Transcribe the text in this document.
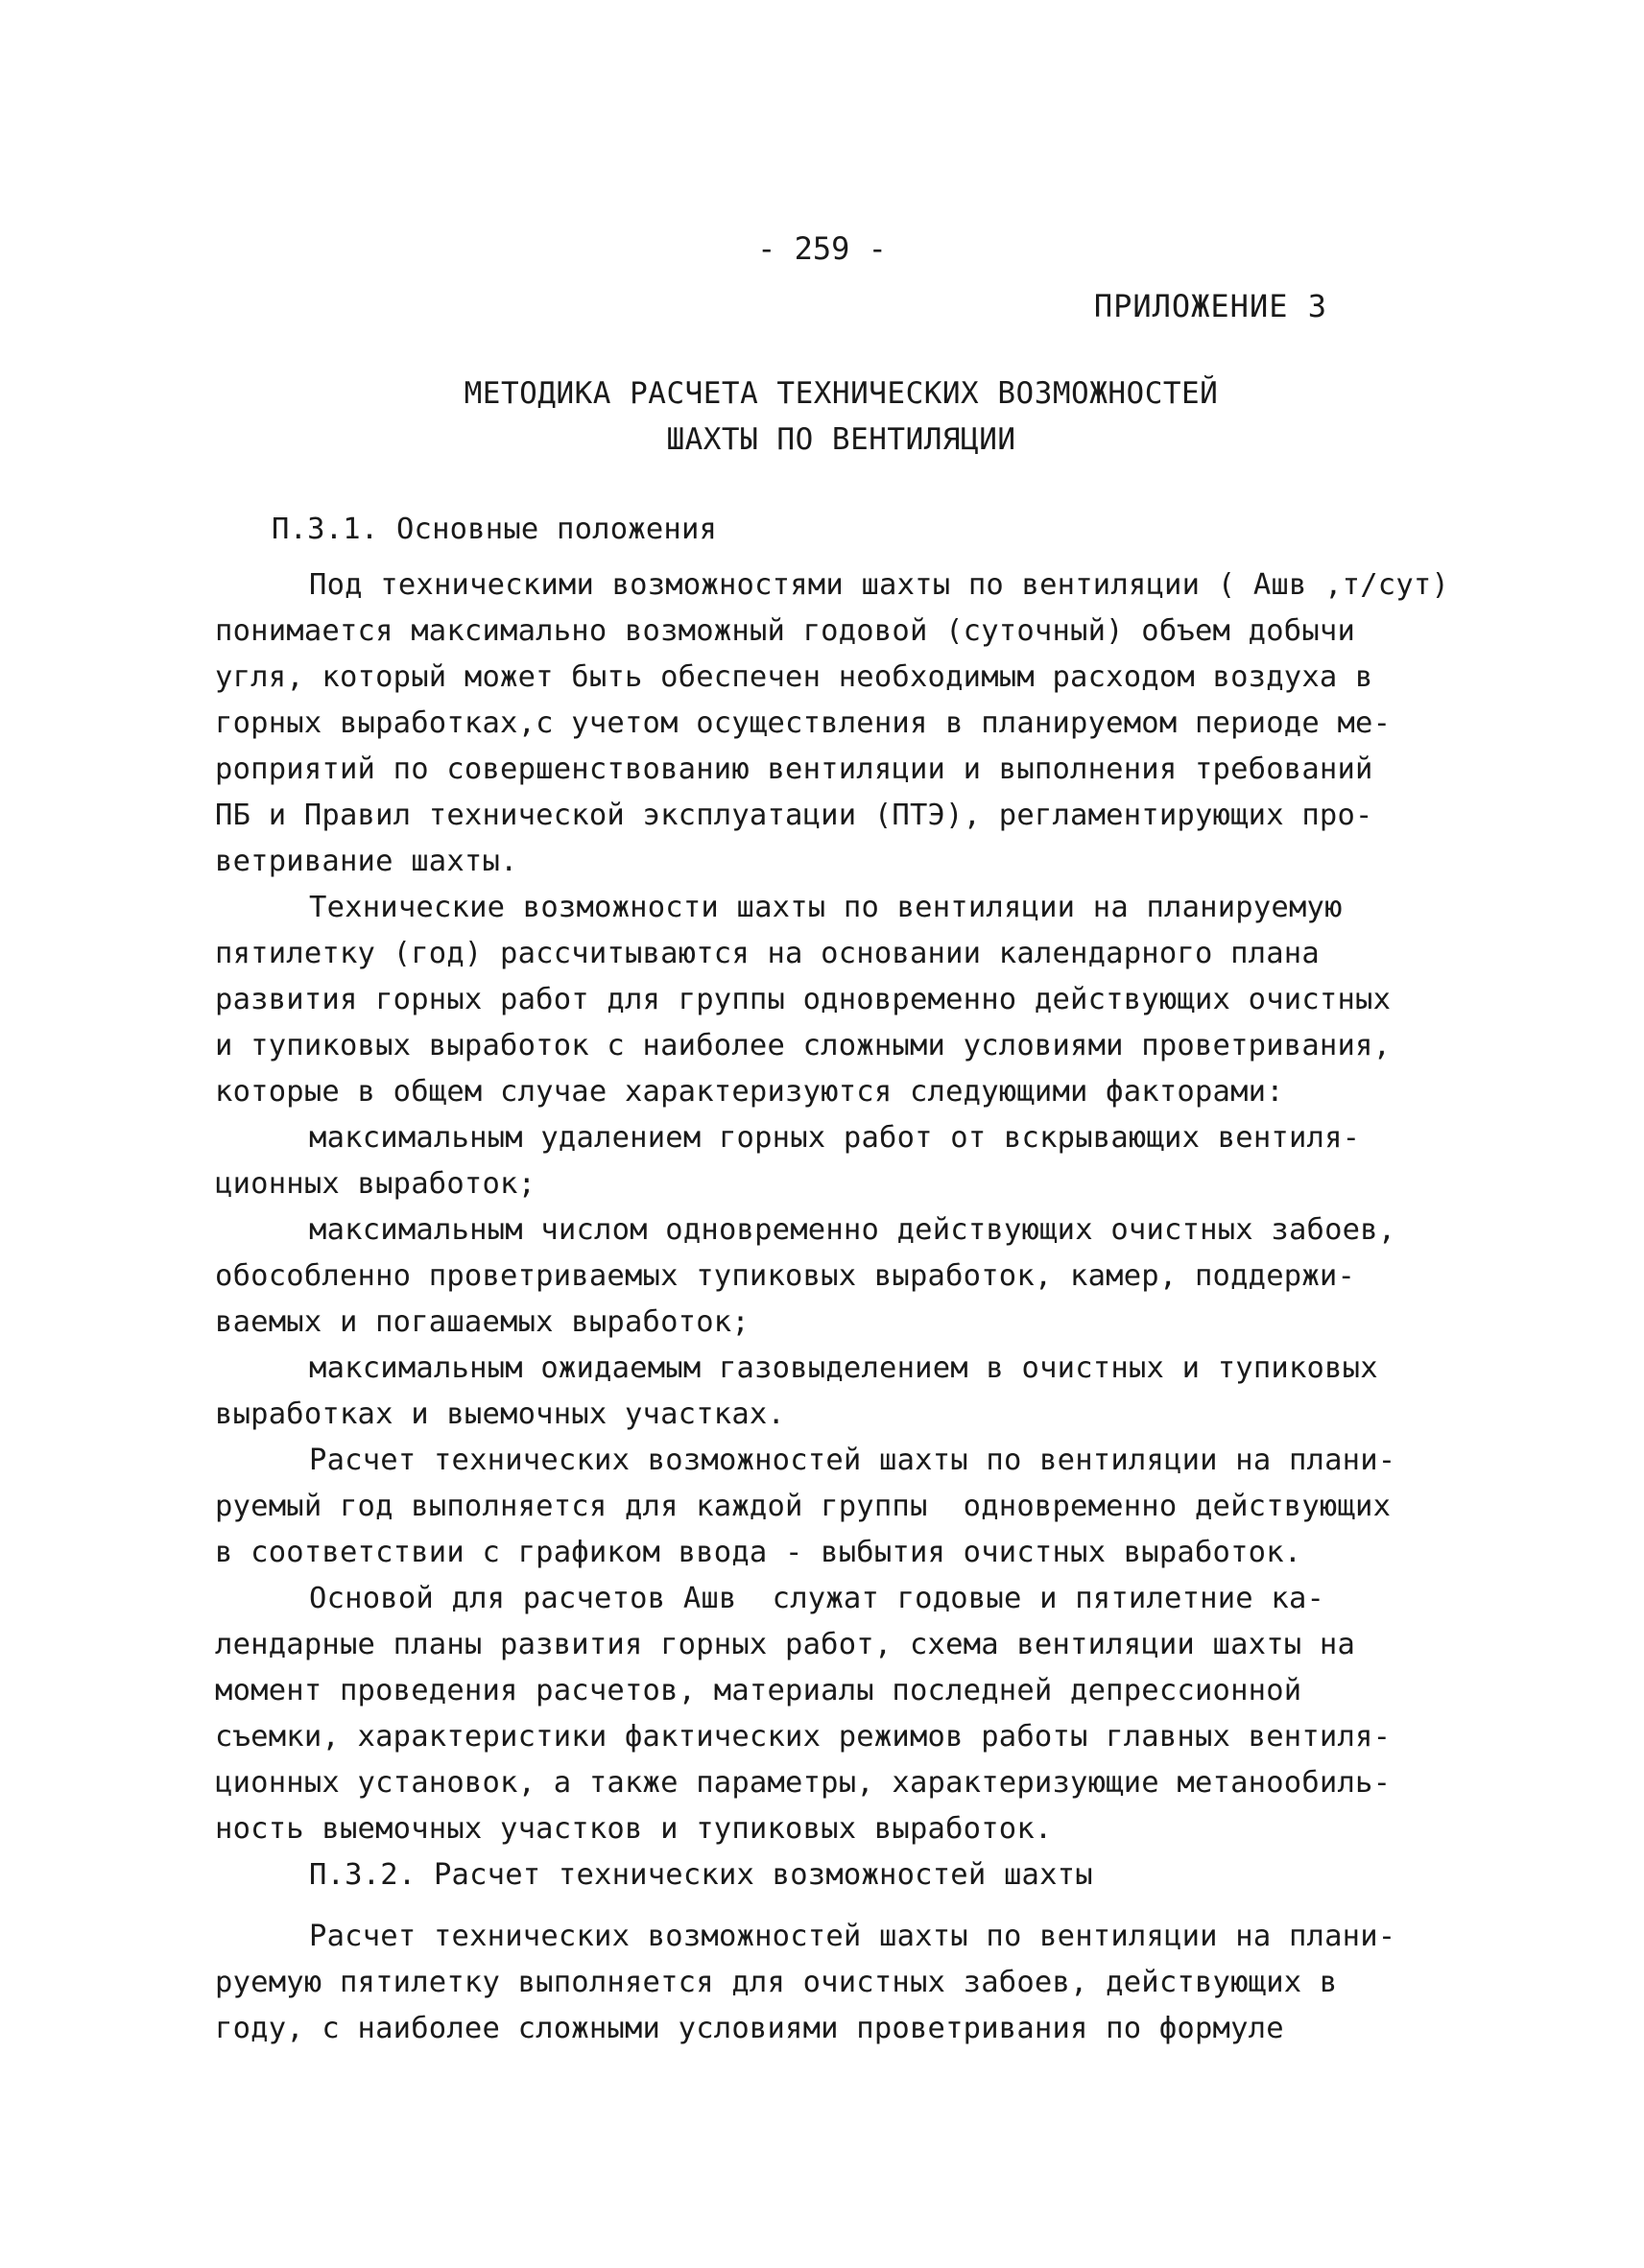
- 259 -
ПРИЛОЖЕНИЕ 3
МЕТОДИКА РАСЧЕТА ТЕХНИЧЕСКИХ ВОЗМОЖНОСТЕЙ
ШАХТЫ ПО ВЕНТИЛЯЦИИ
П.3.1. Основные положения
Под техническими возможностями шахты по вентиляции ( Ашв ,т/сут)
понимается максимально возможный годовой (суточный) объем добычи
угля, который может быть обеспечен необходимым расходом воздуха в
горных выработках,с учетом осуществления в планируемом периоде ме-
роприятий по совершенствованию вентиляции и выполнения требований
ПБ и Правил технической эксплуатации (ПТЭ), регламентирующих про-
ветривание шахты.
Технические возможности шахты по вентиляции на планируемую
пятилетку (год) рассчитываются на основании календарного плана
развития горных работ для группы одновременно действующих очистных
и тупиковых выработок с наиболее сложными условиями проветривания,
которые в общем случае характеризуются следующими факторами:
максимальным удалением горных работ от вскрывающих вентиля-
ционных выработок;
максимальным числом одновременно действующих очистных забоев,
обособленно проветриваемых тупиковых выработок, камер, поддержи-
ваемых и погашаемых выработок;
максимальным ожидаемым газовыделением в очистных и тупиковых
выработках и выемочных участках.
Расчет технических возможностей шахты по вентиляции на плани-
руемый год выполняется для каждой группы  одновременно действующих
в соответствии с графиком ввода - выбытия очистных выработок.
Основой для расчетов Ашв  служат годовые и пятилетние ка-
лендарные планы развития горных работ, схема вентиляции шахты на
момент проведения расчетов, материалы последней депрессионной
съемки, характеристики фактических режимов работы главных вентиля-
ционных установок, а также параметры, характеризующие метанообиль-
ность выемочных участков и тупиковых выработок.
П.3.2. Расчет технических возможностей шахты
Расчет технических возможностей шахты по вентиляции на плани-
руемую пятилетку выполняется для очистных забоев, действующих в
году, с наиболее сложными условиями проветривания по формуле
